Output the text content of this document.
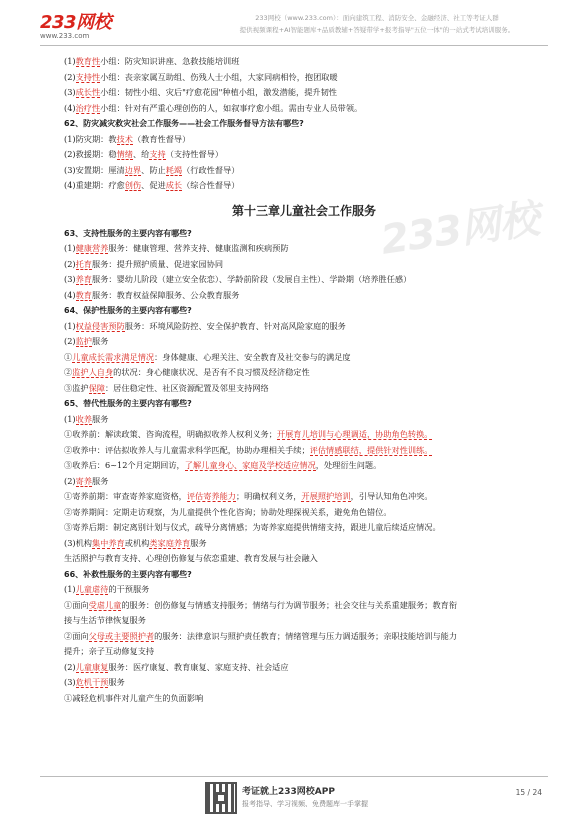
233网校
www.233.com
233网校（www.233.com）：面向建筑工程、消防安全、金融经济、社工等考证人群
提供视频课程+AI智能题库+品质教辅+答疑带学+报考指导"五位一体"的一站式考试培训服务。
233网校
(1)教育性小组：防灾知识讲座、急救技能培训班
(2)支持性小组：丧亲家属互助组、伤残人士小组，大家同病相怜，抱团取暖
(3)成长性小组：韧性小组、灾后"疗愈花园"种植小组，激发潜能，提升韧性
(4)治疗性小组：针对有严重心理创伤的人，如叙事疗愈小组。需由专业人员带领。
62、防灾减灾救灾社会工作服务——社会工作服务督导方法有哪些?
(1)防灾期：教技术（教育性督导）
(2)救援期：稳情绪、给支持（支持性督导）
(3)安置期：厘清边界、防止耗竭（行政性督导）
(4)重建期：疗愈创伤、促进成长（综合性督导）
第十三章儿童社会工作服务
63、支持性服务的主要内容有哪些?
(1)健康营养服务：健康管理、营养支持、健康监测和疾病预防
(2)托育服务：提升照护质量、促进家园协同
(3)养育服务：婴幼儿阶段（建立安全依恋）、学龄前阶段（发展自主性）、学龄期（培养胜任感）
(4)教育服务：教育权益保障服务、公众教育服务
64、保护性服务的主要内容有哪些?
(1)权益侵害预防服务：环境风险防控、安全保护教育、针对高风险家庭的服务
(2)监护服务
①儿童成长需求满足情况：身体健康、心理关注、安全教育及社交参与的满足度
②监护人自身的状况：身心健康状况、是否有不良习惯及经济稳定性
③监护保障：居住稳定性、社区资源配置及邻里支持网络
65、替代性服务的主要内容有哪些?
(1)收养服务
①收养前：解读政策、咨询流程，明确拟收养人权利义务；开展育儿培训与心理调适，协助角色转换。
②收养中：评估拟收养人与儿童需求科学匹配，协助办理相关手续；评估情感联结，提供针对性训练。
③收养后：6~12个月定期回访，了解儿童身心、家庭及学校适应情况，处理衍生问题。
(2)寄养服务
①寄养前期：审查寄养家庭资格，评估寄养能力；明确权利义务，开展照护培训，引导认知角色冲突。
②寄养期间：定期走访观察，为儿童提供个性化咨询；协助处理探视关系，避免角色错位。
③寄养后期：制定离别计划与仪式，疏导分离情感；为寄养家庭提供情绪支持，跟进儿童后续适应情况。
(3)机构集中养育或机构类家庭养育服务
生活照护与教育支持、心理创伤修复与依恋重建、教育发展与社会融入
66、补救性服务的主要内容有哪些?
(1)儿童虐待的干预服务
①面向受虐儿童的服务：创伤修复与情感支持服务；情绪与行为调节服务；社会交往与关系重建服务；教育衔
接与生活节律恢复服务
②面向父母或主要照护者的服务：法律意识与照护责任教育；情绪管理与压力调适服务；亲职技能培训与能力
提升；亲子互动修复支持
(2)儿童康复服务：医疗康复、教育康复、家庭支持、社会适应
(3)危机干预服务
①减轻危机事件对儿童产生的负面影响
考证就上233网校APP
报考指导、学习视频、免费题库一手掌握
15 / 24
